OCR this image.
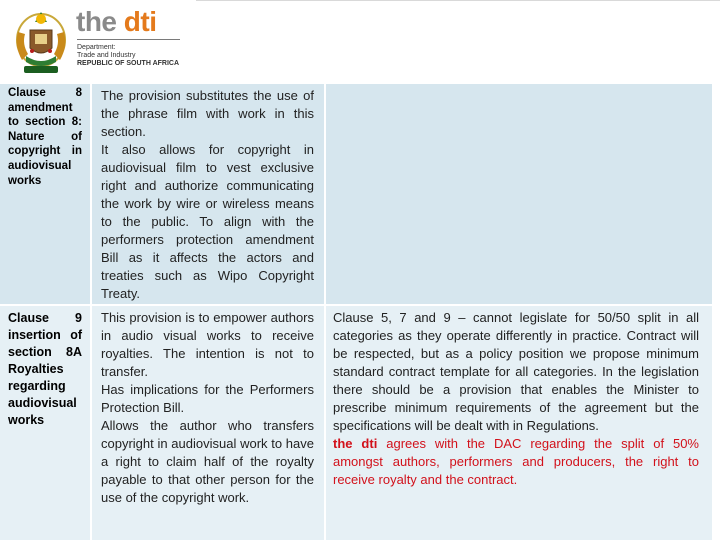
the dti
Department:
Trade and Industry
REPUBLIC OF SOUTH AFRICA
Clause 8 amendment to section 8: Nature of copyright in audiovisual works

The provision substitutes the use of the phrase film with work in this section.

It also allows for copyright in audiovisual film to vest exclusive right and authorize communicating the work by wire or wireless means to the public. To align with the performers protection amendment Bill as it affects the actors and treaties such as Wipo Copyright Treaty.

Clause 9 insertion of section 8A Royalties regarding audiovisual works

This provision is to empower authors in audio visual works to receive royalties. The intention is not to transfer.

Has implications for the Performers Protection Bill.

Allows the author who transfers copyright in audiovisual work to have a right to claim half of the royalty payable to that other person for the use of the copyright work.

Clause 5, 7 and 9 – cannot legislate for 50/50 split in all categories as they operate differently in practice. Contract will be respected, but as a policy position we propose minimum standard contract template for all categories. In the legislation there should be a provision that enables the Minister to prescribe minimum requirements of the agreement but the specifications will be dealt with in Regulations.

the dti agrees with the DAC regarding the split of 50% amongst authors, performers and producers, the right to receive royalty and the contract.
